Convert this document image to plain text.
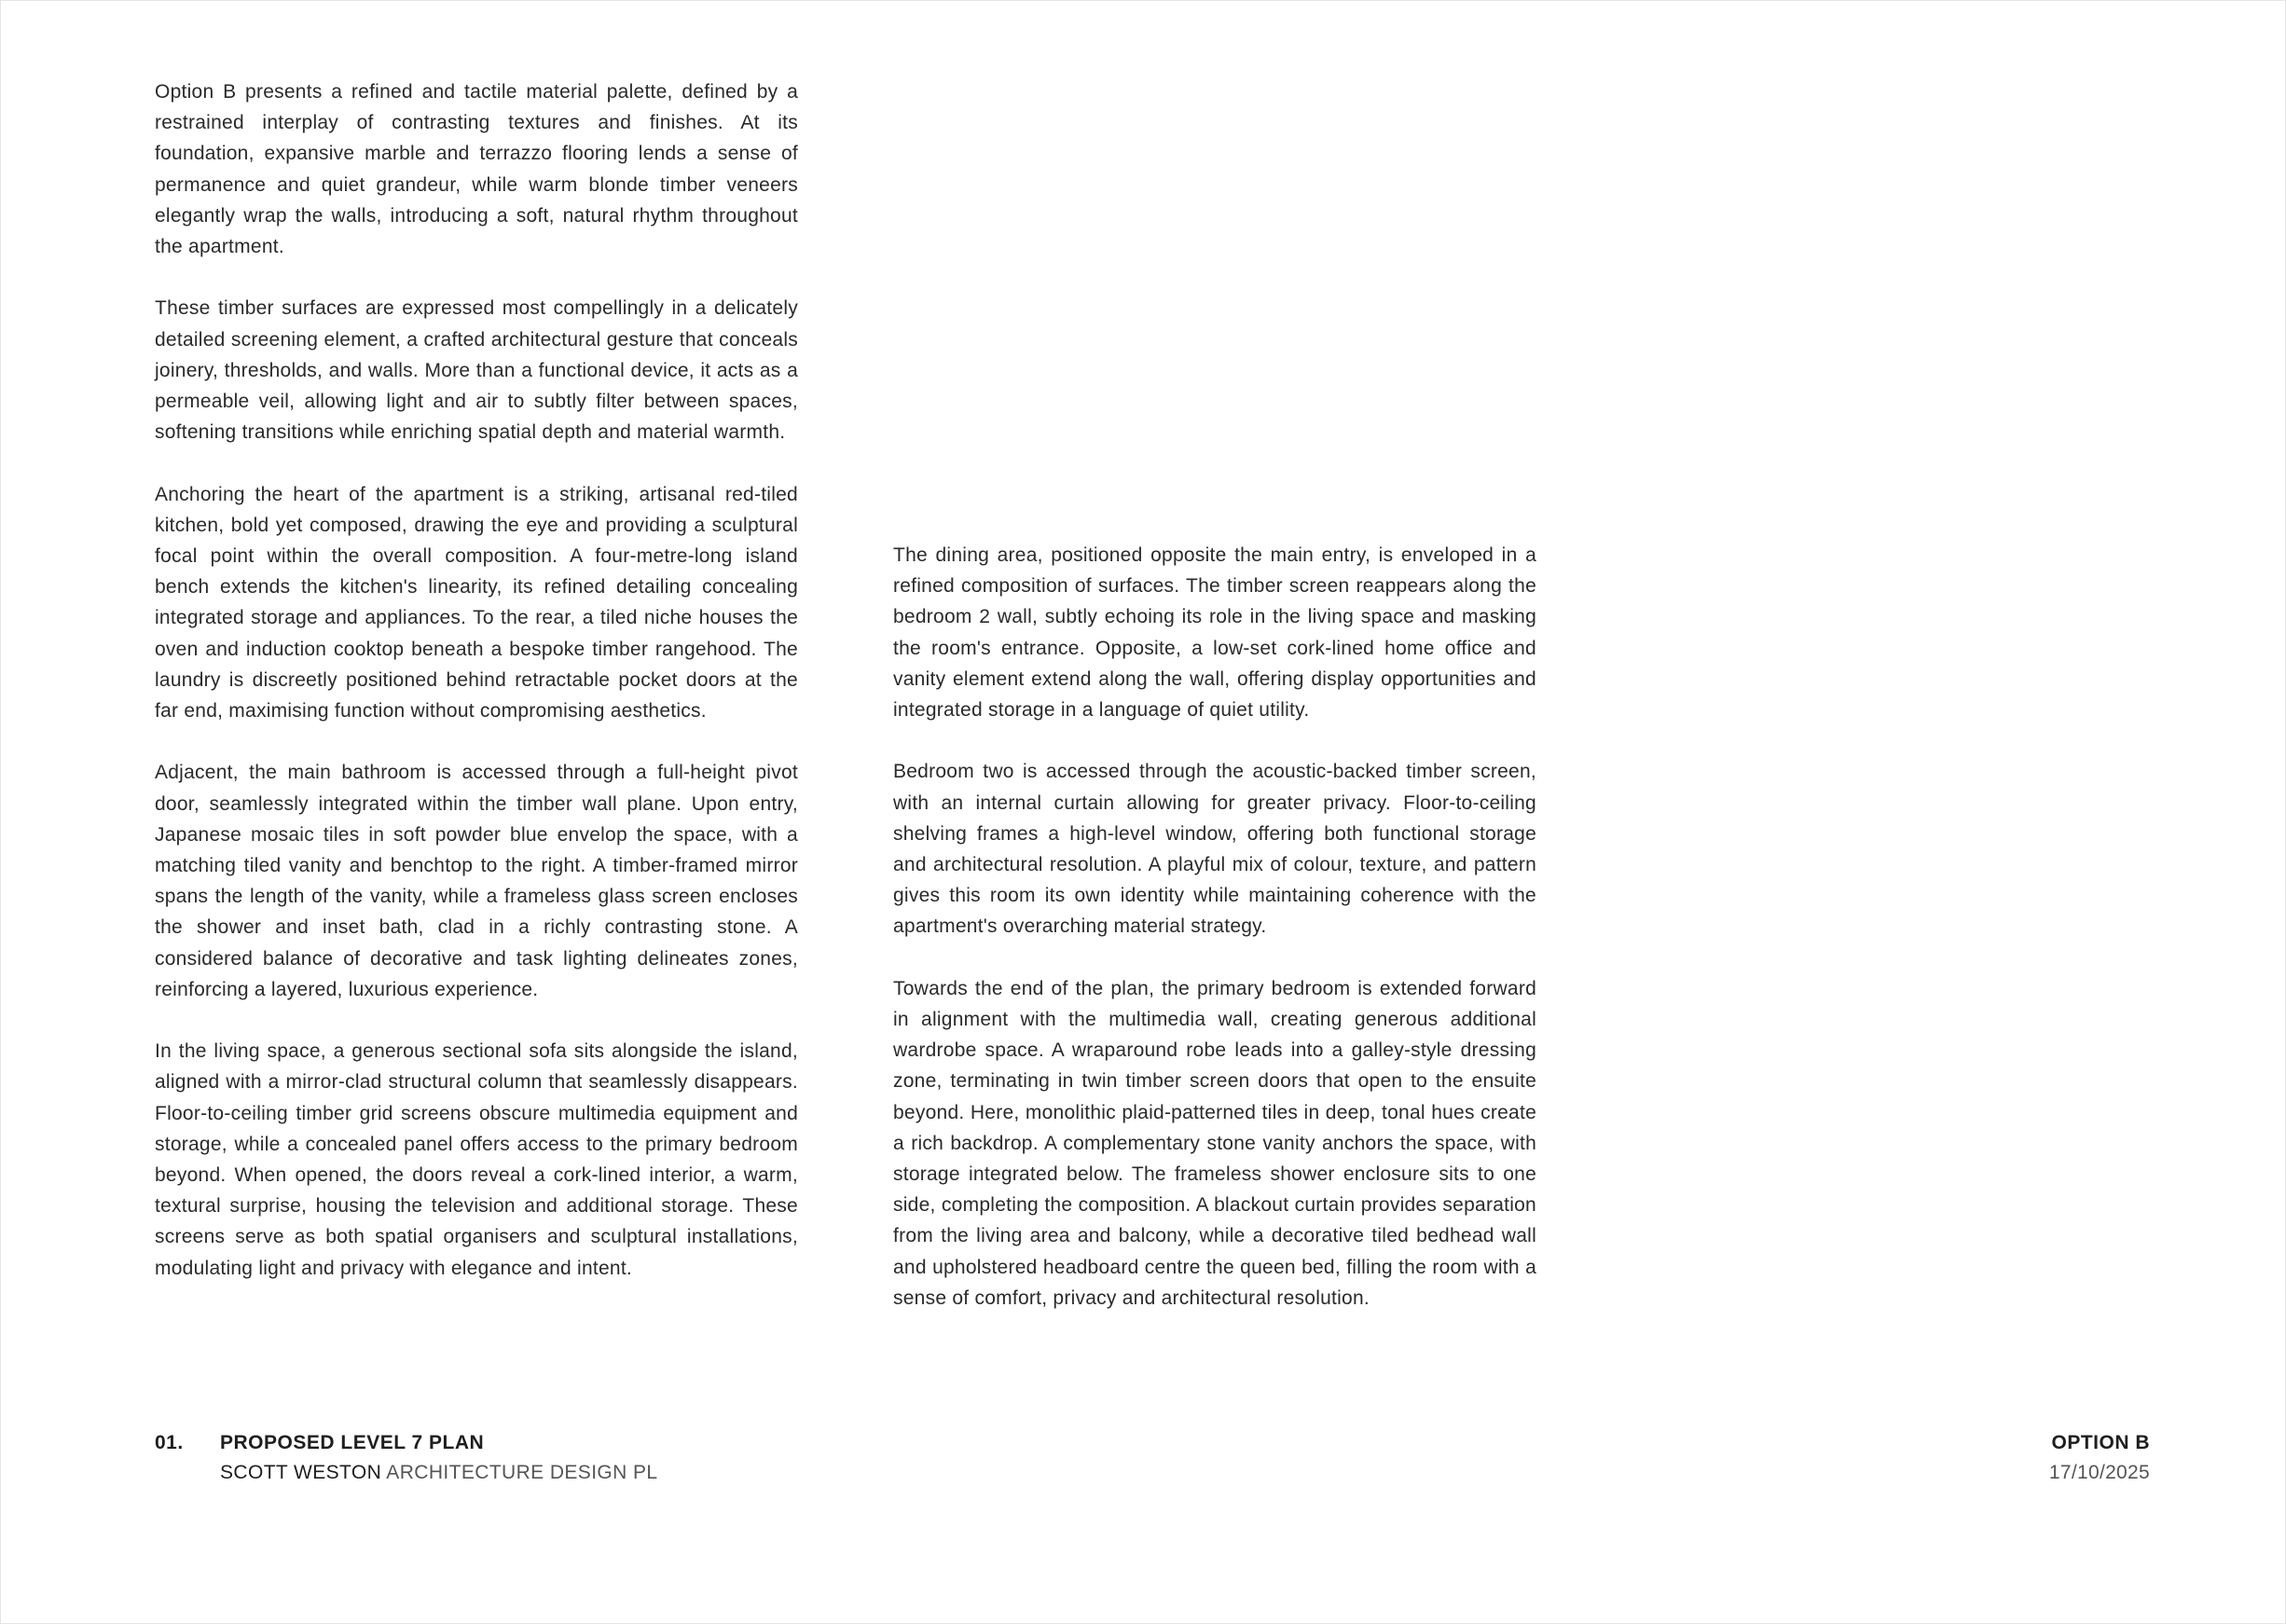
Option B presents a refined and tactile material palette, defined by a restrained interplay of contrasting textures and finishes. At its foundation, expansive marble and terrazzo flooring lends a sense of permanence and quiet grandeur, while warm blonde timber veneers elegantly wrap the walls, introducing a soft, natural rhythm throughout the apartment.

These timber surfaces are expressed most compellingly in a delicately detailed screening element, a crafted architectural gesture that conceals joinery, thresholds, and walls. More than a functional device, it acts as a permeable veil, allowing light and air to subtly filter between spaces, softening transitions while enriching spatial depth and material warmth.

Anchoring the heart of the apartment is a striking, artisanal red-tiled kitchen, bold yet composed, drawing the eye and providing a sculptural focal point within the overall composition. A four-metre-long island bench extends the kitchen's linearity, its refined detailing concealing integrated storage and appliances. To the rear, a tiled niche houses the oven and induction cooktop beneath a bespoke timber rangehood. The laundry is discreetly positioned behind retractable pocket doors at the far end, maximising function without compromising aesthetics.

Adjacent, the main bathroom is accessed through a full-height pivot door, seamlessly integrated within the timber wall plane. Upon entry, Japanese mosaic tiles in soft powder blue envelop the space, with a matching tiled vanity and benchtop to the right. A timber-framed mirror spans the length of the vanity, while a frameless glass screen encloses the shower and inset bath, clad in a richly contrasting stone. A considered balance of decorative and task lighting delineates zones, reinforcing a layered, luxurious experience.

In the living space, a generous sectional sofa sits alongside the island, aligned with a mirror-clad structural column that seamlessly disappears. Floor-to-ceiling timber grid screens obscure multimedia equipment and storage, while a concealed panel offers access to the primary bedroom beyond. When opened, the doors reveal a cork-lined interior, a warm, textural surprise, housing the television and additional storage. These screens serve as both spatial organisers and sculptural installations, modulating light and privacy with elegance and intent.

The dining area, positioned opposite the main entry, is enveloped in a refined composition of surfaces. The timber screen reappears along the bedroom 2 wall, subtly echoing its role in the living space and masking the room's entrance. Opposite, a low-set cork-lined home office and vanity element extend along the wall, offering display opportunities and integrated storage in a language of quiet utility.

Bedroom two is accessed through the acoustic-backed timber screen, with an internal curtain allowing for greater privacy. Floor-to-ceiling shelving frames a high-level window, offering both functional storage and architectural resolution. A playful mix of colour, texture, and pattern gives this room its own identity while maintaining coherence with the apartment's overarching material strategy.

Towards the end of the plan, the primary bedroom is extended forward in alignment with the multimedia wall, creating generous additional wardrobe space. A wraparound robe leads into a galley-style dressing zone, terminating in twin timber screen doors that open to the ensuite beyond. Here, monolithic plaid-patterned tiles in deep, tonal hues create a rich backdrop. A complementary stone vanity anchors the space, with storage integrated below. The frameless shower enclosure sits to one side, completing the composition. A blackout curtain provides separation from the living area and balcony, while a decorative tiled bedhead wall and upholstered headboard centre the queen bed, filling the room with a sense of comfort, privacy and architectural resolution.

01. PROPOSED LEVEL 7 PLAN
SCOTT WESTON ARCHITECTURE DESIGN PL
OPTION B
17/10/2025
